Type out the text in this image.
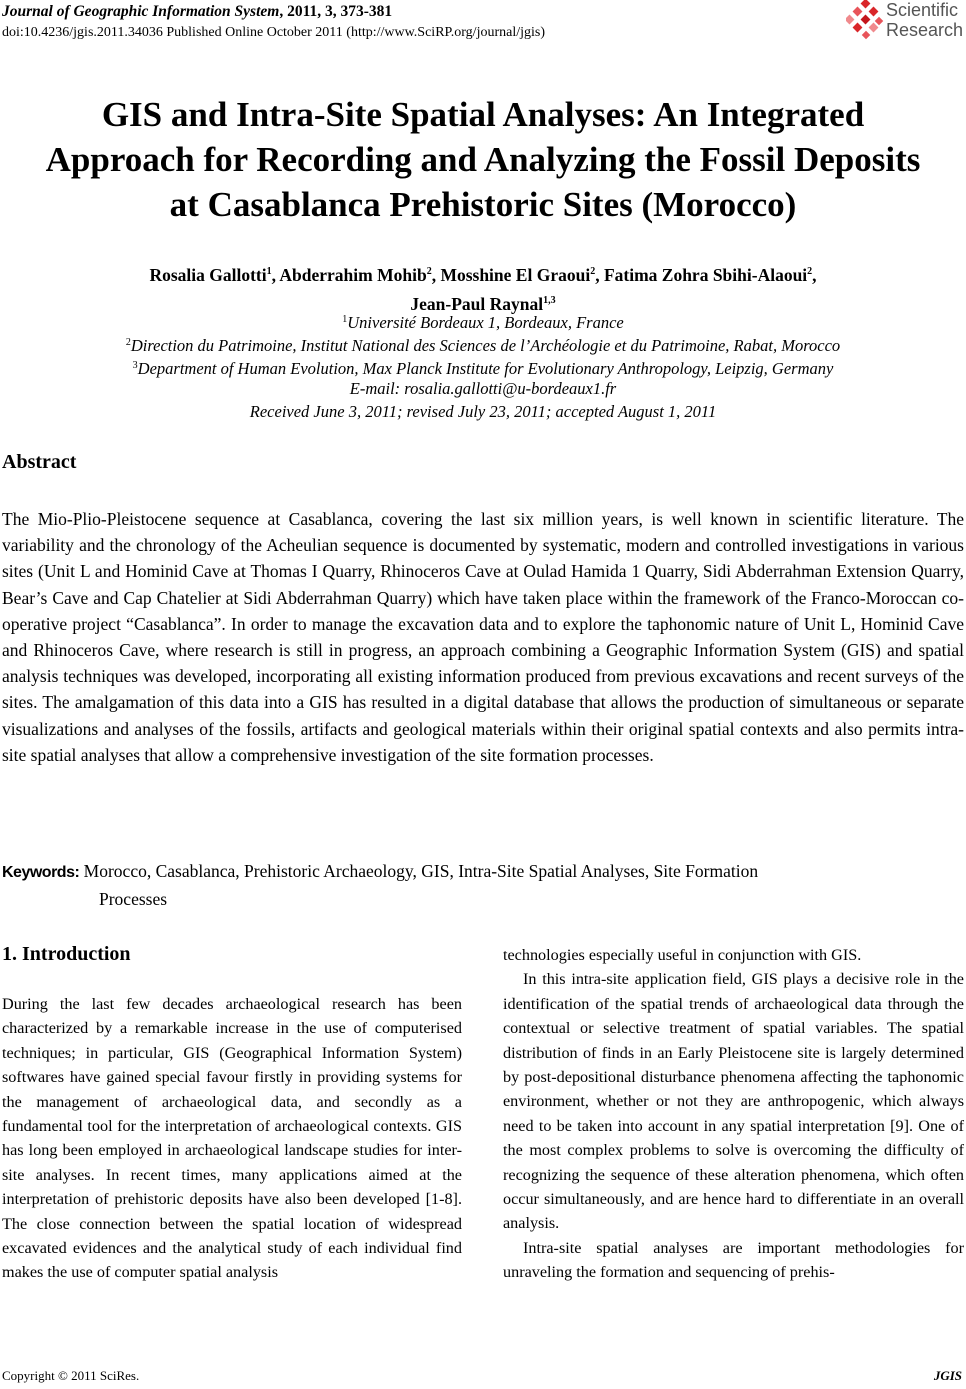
Journal of Geographic Information System, 2011, 3, 373-381
doi:10.4236/jgis.2011.34036 Published Online October 2011 (http://www.SciRP.org/journal/jgis)
Scientific
Research
GIS and Intra-Site Spatial Analyses: An Integrated
Approach for Recording and Analyzing the Fossil Deposits
at Casablanca Prehistoric Sites (Morocco)
Rosalia Gallotti$^1$, Abderrahim Mohib$^2$, Mosshine El Graoui$^2$, Fatima Zohra Sbihi-Alaoui$^2$,
Jean-Paul Raynal$^{1,3}$
$^1$Université Bordeaux 1, Bordeaux, France
$^2$Direction du Patrimoine, Institut National des Sciences de l’Archéologie et du Patrimoine, Rabat, Morocco
$^3$Department of Human Evolution, Max Planck Institute for Evolutionary Anthropology, Leipzig, Germany
E-mail: rosalia.gallotti@u-bordeaux1.fr
Received June 3, 2011; revised July 23, 2011; accepted August 1, 2011
Abstract
The Mio-Plio-Pleistocene sequence at Casablanca, covering the last six million years, is well known in scientific literature. The variability and the chronology of the Acheulian sequence is documented by systematic, modern and controlled investigations in various sites (Unit L and Hominid Cave at Thomas I Quarry, Rhinoceros Cave at Oulad Hamida 1 Quarry, Sidi Abderrahman Extension Quarry, Bear’s Cave and Cap Chatelier at Sidi Abderrahman Quarry) which have taken place within the framework of the Franco-Moroccan co-operative project “Casablanca”. In order to manage the excavation data and to explore the taphonomic nature of Unit L, Hominid Cave and Rhinoceros Cave, where research is still in progress, an approach combining a Geographic Information System (GIS) and spatial analysis techniques was developed, incorporating all existing information produced from previous excavations and recent surveys of the sites. The amalgamation of this data into a GIS has resulted in a digital database that allows the production of simultaneous or separate visualizations and analyses of the fossils, artifacts and geological materials within their original spatial contexts and also permits intra-site spatial analyses that allow a comprehensive investigation of the site formation processes.
Keywords: Morocco, Casablanca, Prehistoric Archaeology, GIS, Intra-Site Spatial Analyses, Site Formation
Processes
1. Introduction

During the last few decades archaeological research has been characterized by a remarkable increase in the use of computerised techniques; in particular, GIS (Geographical Information System) softwares have gained special favour firstly in providing systems for the management of archaeological data, and secondly as a fundamental tool for the interpretation of archaeological contexts. GIS has long been employed in archaeological landscape studies for inter-site analyses. In recent times, many applications aimed at the interpretation of prehistoric deposits have also been developed [1-8]. The close connection between the spatial location of widespread excavated evidences and the analytical study of each individual find makes the use of computer spatial analysis

technologies especially useful in conjunction with GIS.

In this intra-site application field, GIS plays a decisive role in the identification of the spatial trends of archaeological data through the contextual or selective treatment of spatial variables. The spatial distribution of finds in an Early Pleistocene site is largely determined by post-depositional disturbance phenomena affecting the taphonomic environment, whether or not they are anthropogenic, which always need to be taken into account in any spatial interpretation [9]. One of the most complex problems to solve is overcoming the difficulty of recognizing the sequence of these alteration phenomena, which often occur simultaneously, and are hence hard to differentiate in an overall analysis.

Intra-site spatial analyses are important methodologies for unraveling the formation and sequencing of prehis-

Copyright © 2011 SciRes.	JGIS
